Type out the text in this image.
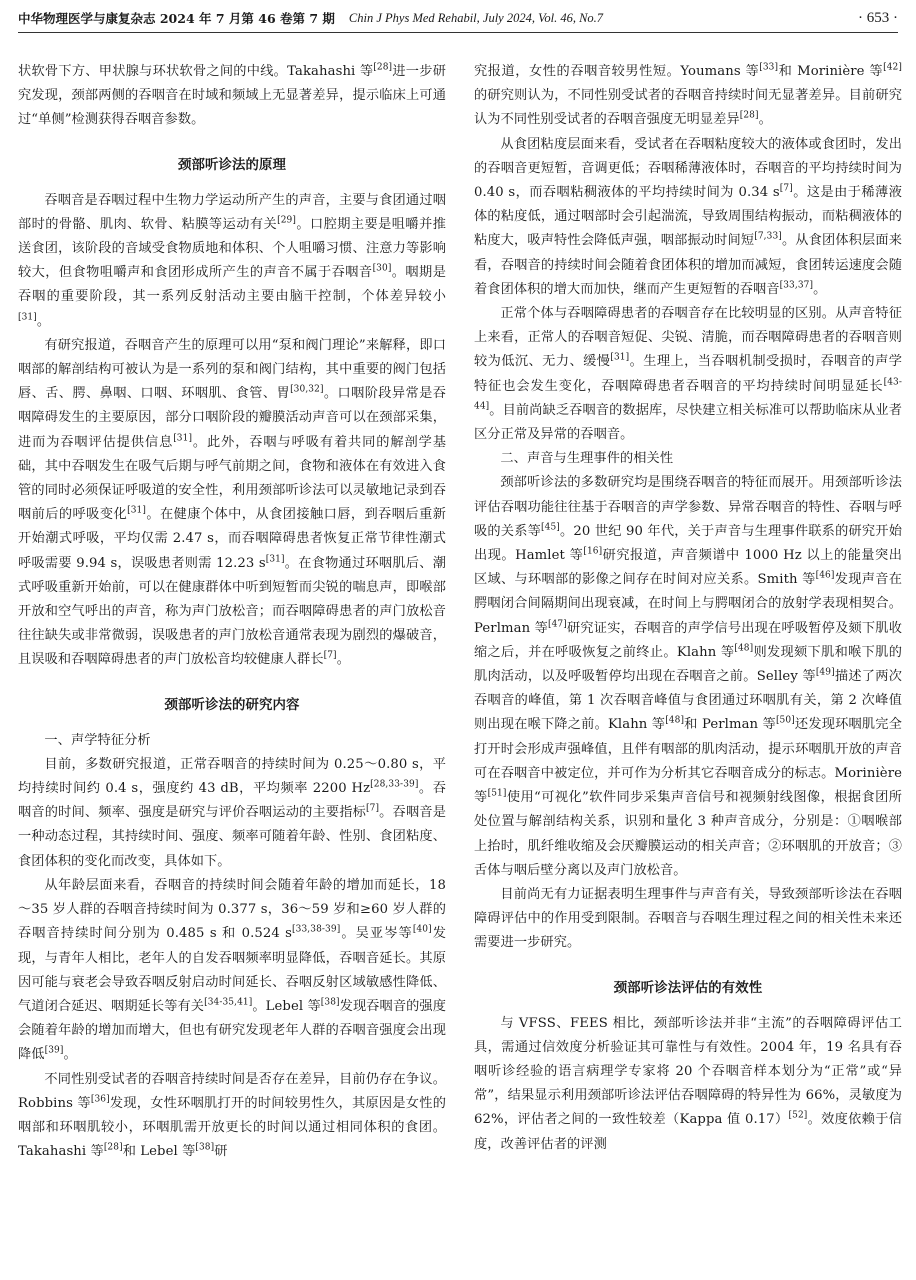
中华物理医学与康复杂志 2024 年 7 月第 46 卷第 7 期 Chin J Phys Med Rehabil, July 2024, Vol. 46, No.7	· 653 ·

状软骨下方、甲状腺与环状软骨之间的中线。Takahashi 等[28]进一步研究发现，颈部两侧的吞咽音在时域和频域上无显著差异，提示临床上可通过“单侧”检测获得吞咽音参数。

颈部听诊法的原理

吞咽音是吞咽过程中生物力学运动所产生的声音，主要与食团通过咽部时的骨骼、肌肉、软骨、粘膜等运动有关[29]。口腔期主要是咀嚼并推送食团，该阶段的音域受食物质地和体积、个人咀嚼习惯、注意力等影响较大，但食物咀嚼声和食团形成所产生的声音不属于吞咽音[30]。咽期是吞咽的重要阶段，其一系列反射活动主要由脑干控制，个体差异较小[31]。

有研究报道，吞咽音产生的原理可以用“泵和阀门理论”来解释，即口咽部的解剖结构可被认为是一系列的泵和阀门结构，其中重要的阀门包括唇、舌、腭、鼻咽、口咽、环咽肌、食管、胃[30,32]。口咽阶段异常是吞咽障碍发生的主要原因，部分口咽阶段的瓣膜活动声音可以在颈部采集，进而为吞咽评估提供信息[31]。此外，吞咽与呼吸有着共同的解剖学基础，其中吞咽发生在吸气后期与呼气前期之间，食物和液体在有效进入食管的同时必须保证呼吸道的安全性，利用颈部听诊法可以灵敏地记录到吞咽前后的呼吸变化[31]。在健康个体中，从食团接触口唇，到吞咽后重新开始潮式呼吸，平均仅需 2.47 s，而吞咽障碍患者恢复正常节律性潮式呼吸需要 9.94 s，误吸患者则需 12.23 s[31]。在食物通过环咽肌后、潮式呼吸重新开始前，可以在健康群体中听到短暂而尖锐的喘息声，即喉部开放和空气呼出的声音，称为声门放松音；而吞咽障碍患者的声门放松音往往缺失或非常微弱，误吸患者的声门放松音通常表现为剧烈的爆破音，且误吸和吞咽障碍患者的声门放松音均较健康人群长[7]。

颈部听诊法的研究内容
一、声学特征分析

目前，多数研究报道，正常吞咽音的持续时间为 0.25～0.80 s，平均持续时间约 0.4 s，强度约 43 dB，平均频率 2200 Hz[28,33-39]。吞咽音的时间、频率、强度是研究与评价吞咽运动的主要指标[7]。吞咽音是一种动态过程，其持续时间、强度、频率可随着年龄、性别、食团粘度、食团体积的变化而改变，具体如下。

从年龄层面来看，吞咽音的持续时间会随着年龄的增加而延长，18～35 岁人群的吞咽音持续时间为 0.377 s，36～59 岁和≥60 岁人群的吞咽音持续时间分别为 0.485 s 和 0.524 s[33,38-39]。吴亚岑等[40]发现，与青年人相比，老年人的自发吞咽频率明显降低，吞咽音延长。其原因可能与衰老会导致吞咽反射启动时间延长、吞咽反射区域敏感性降低、气道闭合延迟、咽期延长等有关[34-35,41]。Lebel 等[38]发现吞咽音的强度会随着年龄的增加而增大，但也有研究发现老年人群的吞咽音强度会出现降低[39]。

不同性别受试者的吞咽音持续时间是否存在差异，目前仍存在争议。Robbins 等[36]发现，女性环咽肌打开的时间较男性久，其原因是女性的咽部和环咽肌较小，环咽肌需开放更长的时间以通过相同体积的食团。Takahashi 等[28]和 Lebel 等[38]研

究报道，女性的吞咽音较男性短。Youmans 等[33]和 Morinière 等[42]的研究则认为，不同性别受试者的吞咽音持续时间无显著差异。目前研究认为不同性别受试者的吞咽音强度无明显差异[28]。

从食团粘度层面来看，受试者在吞咽粘度较大的液体或食团时，发出的吞咽音更短暂，音调更低；吞咽稀薄液体时，吞咽音的平均持续时间为 0.40 s，而吞咽粘稠液体的平均持续时间为 0.34 s[7]。这是由于稀薄液体的粘度低，通过咽部时会引起湍流，导致周围结构振动，而粘稠液体的粘度大，吸声特性会降低声强，咽部振动时间短[7,33]。从食团体积层面来看，吞咽音的持续时间会随着食团体积的增加而减短，食团转运速度会随着食团体积的增大而加快，继而产生更短暂的吞咽音[33,37]。

正常个体与吞咽障碍患者的吞咽音存在比较明显的区别。从声音特征上来看，正常人的吞咽音短促、尖锐、清脆，而吞咽障碍患者的吞咽音则较为低沉、无力、缓慢[31]。生理上，当吞咽机制受损时，吞咽音的声学特征也会发生变化，吞咽障碍患者吞咽音的平均持续时间明显延长[43-44]。目前尚缺乏吞咽音的数据库，尽快建立相关标准可以帮助临床从业者区分正常及异常的吞咽音。

二、声音与生理事件的相关性

颈部听诊法的多数研究均是围绕吞咽音的特征而展开。用颈部听诊法评估吞咽功能往往基于吞咽音的声学参数、异常吞咽音的特性、吞咽与呼吸的关系等[45]。20 世纪 90 年代，关于声音与生理事件联系的研究开始出现。Hamlet 等[16]研究报道，声音频谱中 1000 Hz 以上的能量突出区域、与环咽部的影像之间存在时间对应关系。Smith 等[46]发现声音在腭咽闭合间隔期间出现衰减，在时间上与腭咽闭合的放射学表现相契合。Perlman 等[47]研究证实，吞咽音的声学信号出现在呼吸暂停及颏下肌收缩之后，并在呼吸恢复之前终止。Klahn 等[48]则发现颏下肌和喉下肌的肌肉活动，以及呼吸暂停均出现在吞咽音之前。Selley 等[49]描述了两次吞咽音的峰值，第 1 次吞咽音峰值与食团通过环咽肌有关，第 2 次峰值则出现在喉下降之前。Klahn 等[48]和 Perlman 等[50]还发现环咽肌完全打开时会形成声强峰值，且伴有咽部的肌肉活动，提示环咽肌开放的声音可在吞咽音中被定位，并可作为分析其它吞咽音成分的标志。Morinière 等[51]使用“可视化”软件同步采集声音信号和视频射线图像，根据食团所处位置与解剖结构关系，识别和量化 3 种声音成分，分别是：①咽喉部上抬时，肌纤维收缩及会厌瓣膜运动的相关声音；②环咽肌的开放音；③舌体与咽后壁分离以及声门放松音。

目前尚无有力证据表明生理事件与声音有关，导致颈部听诊法在吞咽障碍评估中的作用受到限制。吞咽音与吞咽生理过程之间的相关性未来还需要进一步研究。

颈部听诊法评估的有效性

与 VFSS、FEES 相比，颈部听诊法并非“主流”的吞咽障碍评估工具，需通过信效度分析验证其可靠性与有效性。2004 年，19 名具有吞咽听诊经验的语言病理学专家将 20 个吞咽音样本划分为“正常”或“异常”，结果显示利用颈部听诊法评估吞咽障碍的特异性为 66%，灵敏度为 62%，评估者之间的一致性较差（Kappa 值 0.17）[52]。效度依赖于信度，改善评估者的评测
